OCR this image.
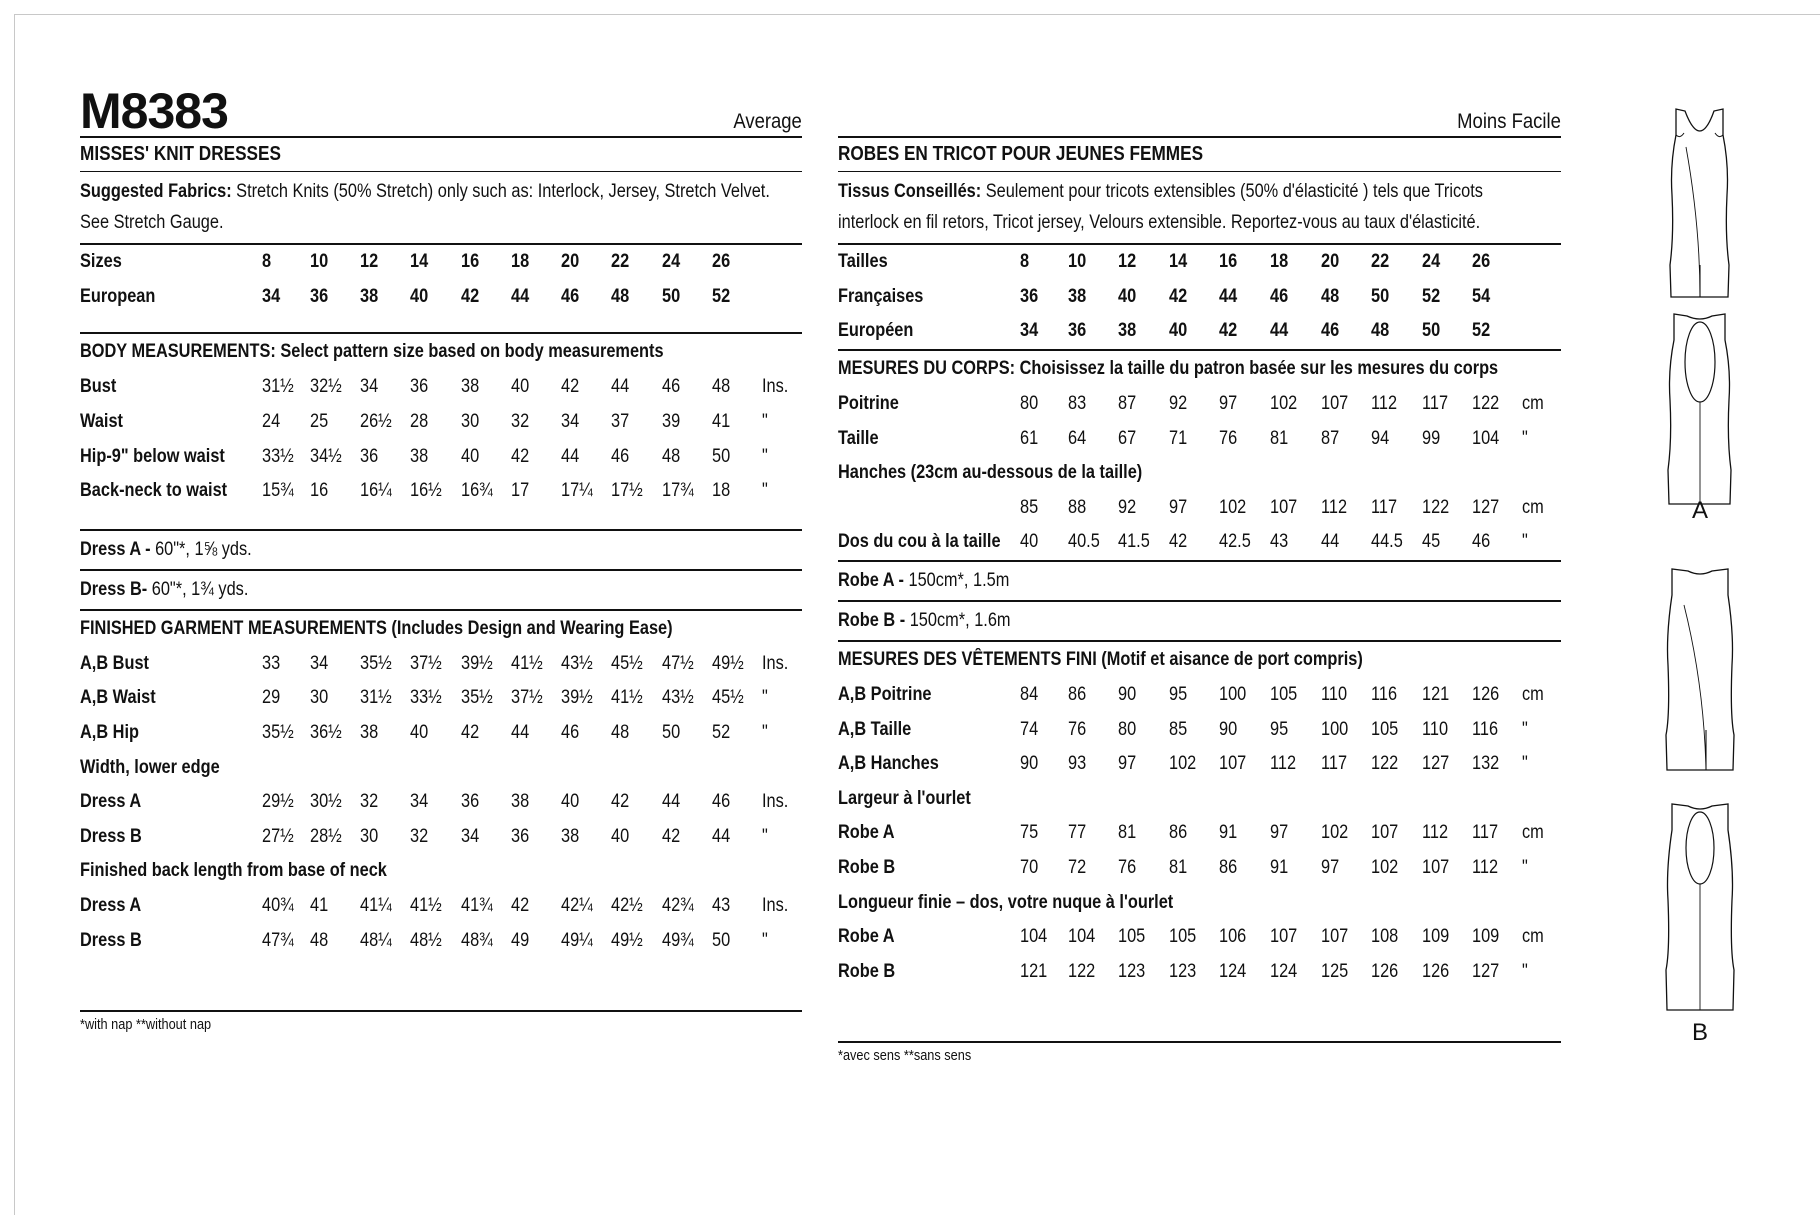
M8383	Average
MISSES' KNIT DRESSES
Suggested Fabrics: Stretch Knits (50% Stretch) only such as: Interlock, Jersey, Stretch Velvet.
See Stretch Gauge.
Sizes	8	10	12	14	16	18	20	22	24	26	
European	34	36	38	40	42	44	46	48	50	52	
BODY MEASUREMENTS: Select pattern size based on body measurements
Bust	31½	32½	34	36	38	40	42	44	46	48	Ins.
Waist	24	25	26½	28	30	32	34	37	39	41	"
Hip-9" below waist	33½	34½	36	38	40	42	44	46	48	50	"
Back-neck to waist	15¾	16	16¼	16½	16¾	17	17¼	17½	17¾	18	"
Dress A - 60"*, 1⅝ yds.
Dress B- 60"*, 1¾ yds.
FINISHED GARMENT MEASUREMENTS (Includes Design and Wearing Ease)
A,B Bust	33	34	35½	37½	39½	41½	43½	45½	47½	49½	Ins.
A,B Waist	29	30	31½	33½	35½	37½	39½	41½	43½	45½	"
A,B Hip	35½	36½	38	40	42	44	46	48	50	52	"
Width, lower edge
Dress A	29½	30½	32	34	36	38	40	42	44	46	Ins.
Dress B	27½	28½	30	32	34	36	38	40	42	44	"
Finished back length from base of neck
Dress A	40¾	41	41¼	41½	41¾	42	42¼	42½	42¾	43	Ins.
Dress B	47¾	48	48¼	48½	48¾	49	49¼	49½	49¾	50	"
*with nap **without nap
Moins Facile
ROBES EN TRICOT POUR JEUNES FEMMES
Tissus Conseillés: Seulement pour tricots extensibles (50% d'élasticité ) tels que Tricots
interlock en fil retors, Tricot jersey, Velours extensible. Reportez-vous au taux d'élasticité.
Tailles	8	10	12	14	16	18	20	22	24	26	
Françaises	36	38	40	42	44	46	48	50	52	54	
Européen	34	36	38	40	42	44	46	48	50	52	
MESURES DU CORPS: Choisissez la taille du patron basée sur les mesures du corps
Poitrine	80	83	87	92	97	102	107	112	117	122	cm
Taille	61	64	67	71	76	81	87	94	99	104	"
Hanches (23cm au-dessous de la taille)
	85	88	92	97	102	107	112	117	122	127	cm
Dos du cou à la taille	40	40.5	41.5	42	42.5	43	44	44.5	45	46	"
Robe A - 150cm*, 1.5m
Robe B - 150cm*, 1.6m
MESURES DES VÊTEMENTS FINI (Motif et aisance de port compris)
A,B Poitrine	84	86	90	95	100	105	110	116	121	126	cm
A,B Taille	74	76	80	85	90	95	100	105	110	116	"
A,B Hanches	90	93	97	102	107	112	117	122	127	132	"
Largeur à l'ourlet
Robe A	75	77	81	86	91	97	102	107	112	117	cm
Robe B	70	72	76	81	86	91	97	102	107	112	"
Longueur finie – dos, votre nuque à l'ourlet
Robe A	104	104	105	105	106	107	107	108	109	109	cm
Robe B	121	122	123	123	124	124	125	126	126	127	"
*avec sens **sans sens
A
B
